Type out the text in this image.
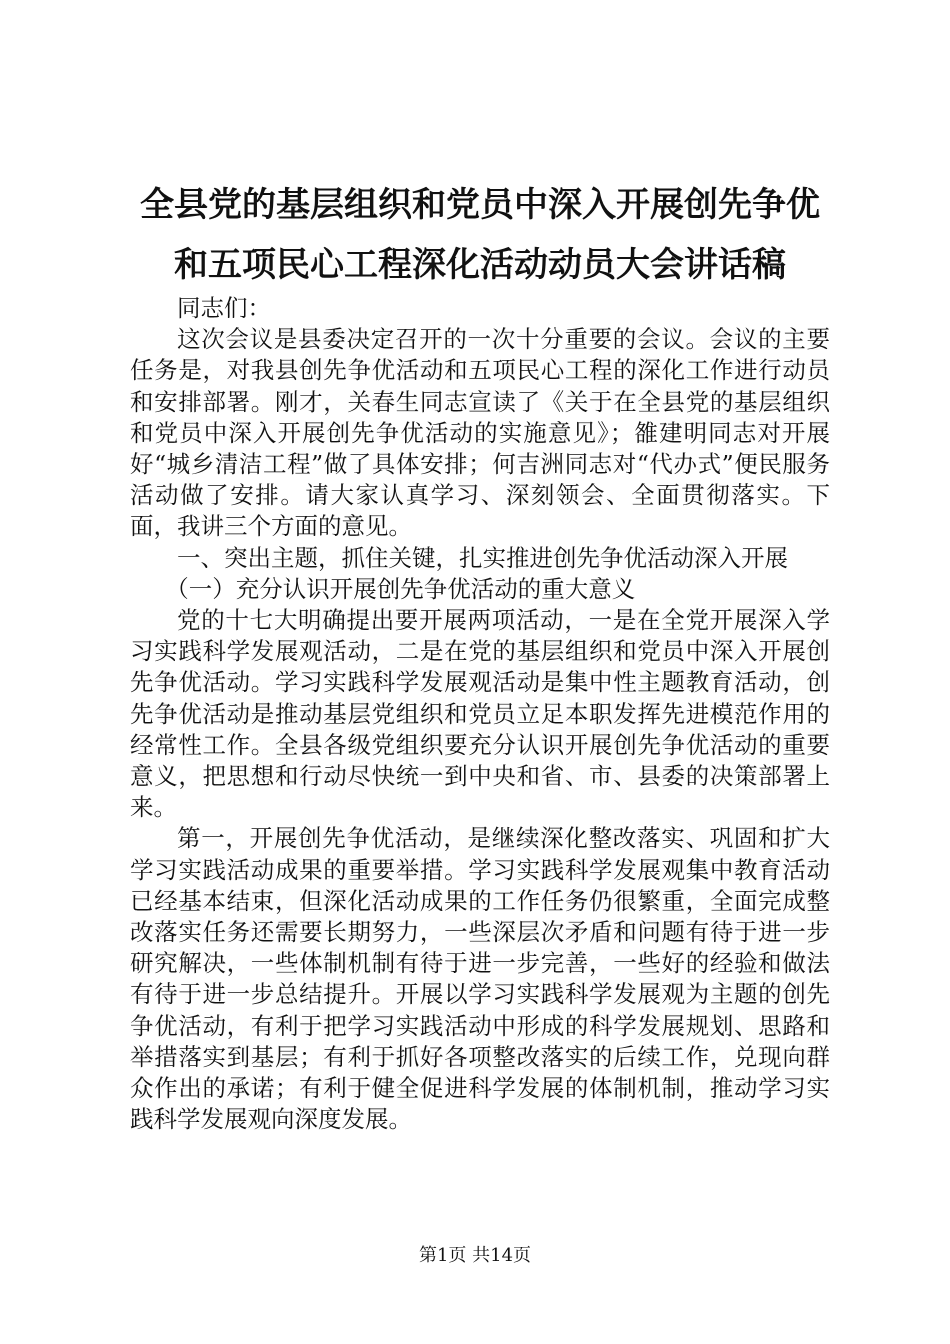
全县党的基层组织和党员中深入开展创先争优
和五项民心工程深化活动动员大会讲话稿

同志们：

这次会议是县委决定召开的一次十分重要的会议。会议的主要任务是，对我县创先争优活动和五项民心工程的深化工作进行动员和安排部署。刚才，关春生同志宣读了《关于在全县党的基层组织和党员中深入开展创先争优活动的实施意见》；雒建明同志对开展好“城乡清洁工程”做了具体安排；何吉洲同志对“代办式”便民服务活动做了安排。请大家认真学习、深刻领会、全面贯彻落实。下面，我讲三个方面的意见。

一、突出主题，抓住关键，扎实推进创先争优活动深入开展

（一）充分认识开展创先争优活动的重大意义

党的十七大明确提出要开展两项活动，一是在全党开展深入学习实践科学发展观活动，二是在党的基层组织和党员中深入开展创先争优活动。学习实践科学发展观活动是集中性主题教育活动，创先争优活动是推动基层党组织和党员立足本职发挥先进模范作用的经常性工作。全县各级党组织要充分认识开展创先争优活动的重要意义，把思想和行动尽快统一到中央和省、市、县委的决策部署上来。

第一，开展创先争优活动，是继续深化整改落实、巩固和扩大学习实践活动成果的重要举措。学习实践科学发展观集中教育活动已经基本结束，但深化活动成果的工作任务仍很繁重，全面完成整改落实任务还需要长期努力，一些深层次矛盾和问题有待于进一步研究解决，一些体制机制有待于进一步完善，一些好的经验和做法有待于进一步总结提升。开展以学习实践科学发展观为主题的创先争优活动，有利于把学习实践活动中形成的科学发展规划、思路和举措落实到基层；有利于抓好各项整改落实的后续工作，兑现向群众作出的承诺；有利于健全促进科学发展的体制机制，推动学习实践科学发展观向深度发展。

第1页 共14页
